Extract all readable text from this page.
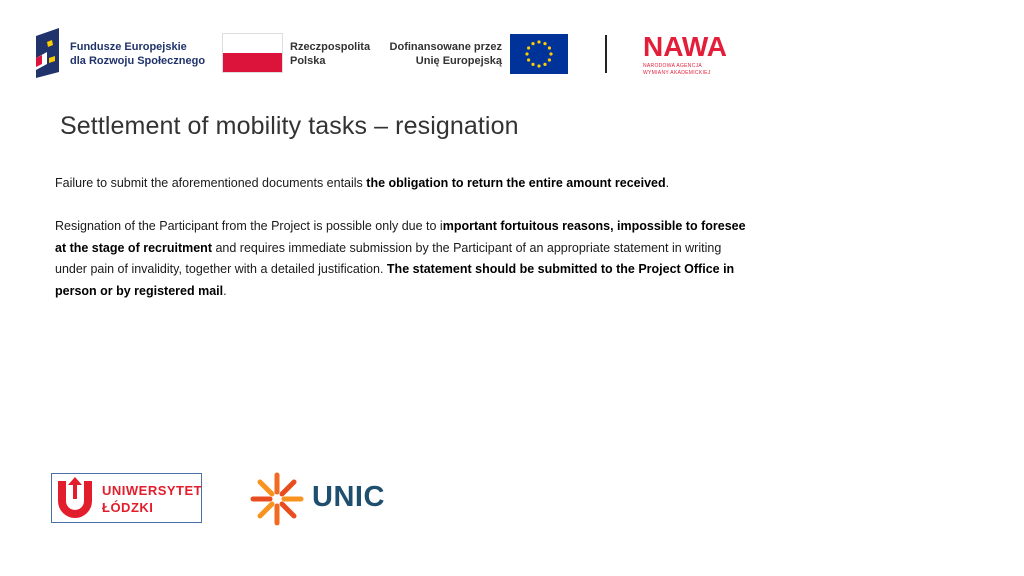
Fundusze Europejskie
dla Rozwoju Społecznego
Rzeczpospolita
Polska
Dofinansowane przez
Unię Europejską	NAWA
NARODOWA AGENCJA
WYMIANY AKADEMICKIEJ
Settlement of mobility tasks – resignation
Failure to submit the aforementioned documents entails the obligation to return the entire amount received.
Resignation of the Participant from the Project is possible only due to important fortuitous reasons, impossible to foresee at the stage of recruitment and requires immediate submission by the Participant of an appropriate statement in writing under pain of invalidity, together with a detailed justification. The statement should be submitted to the Project Office in person or by registered mail.
UNIWERSYTET
ŁÓDZKI	UNIC
